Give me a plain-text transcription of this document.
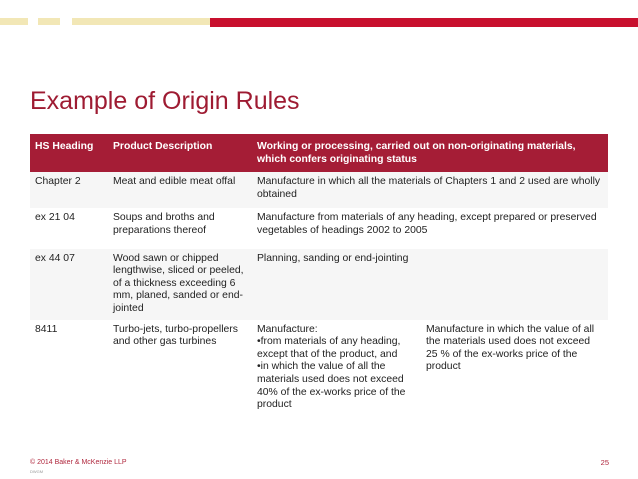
Example of Origin Rules
HS Heading	Product Description	Working or processing, carried out on non-originating materials, which confers originating status	
Chapter 2	Meat and edible meat offal	Manufacture in which all the materials of Chapters 1 and 2 used are wholly obtained	

ex 21 04	Soups and broths and preparations thereof	Manufacture from materials of any heading, except prepared or preserved vegetables of headings 2002 to 2005	

ex 44 07	Wood sawn or chipped lengthwise, sliced or peeled, of a thickness exceeding 6 mm, planed, sanded or end-jointed	Planning, sanding or end-jointing	

8411	Turbo-jets, turbo-propellers and other gas turbines	Manufacture:
•from materials of any heading, except that of the product, and
•in which the value of all the materials used does not exceed 40% of the ex-works price of the product	Manufacture in which the value of all the materials used does not exceed 25 % of the ex-works price of the product
© 2014 Baker & McKenzie LLP
DWGM
25
